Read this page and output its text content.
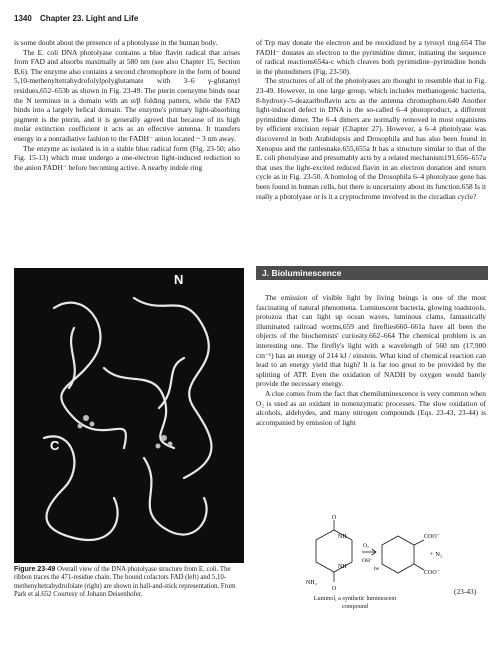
1340 Chapter 23. Light and Life

is some doubt about the presence of a photolyase in the human body.

The E. coli DNA photolyase contains a blue flavin radical that arises from FAD and absorbs maximally at 580 nm (see also Chapter 15, Section B,6). The enzyme also contains a second chromophore in the form of bound 5,10-methenyltetrahydrofolylpolyglutamate with 3–6 γ-glutamyl residues,652–653b as shown in Fig. 23-49. The pterin coenzyme binds near the N terminus in a domain with an α/β folding pattern, while the FAD binds into a largely helical domain. The enzyme's primary light-absorbing pigment is the pterin, and it is generally agreed that because of its high molar extinction coefficient it acts as an effective antenna. It transfers energy in a nonradiative fashion to the FADH⁻ anion located ~ 3 nm away.

The enzyme as isolated is in a stable blue radical form (Fig. 23-50; also Fig. 15-13) which must undergo a one-electron light-induced reduction to the anion FADH⁻ before becoming active. A nearby indole ring

of Trp may donate the electron and be reoxidized by a tyrosyl ring.654 The FADH⁻ donates an electron to the pyrimidine dimer, initiating the sequence of radical reactions654a-c which cleaves both pyrimidine–pyrimidine bonds in the photodimers (Fig. 23-50).

The structures of all of the photolyases are thought to resemble that in Fig. 23-49. However, in one large group, which includes methanogenic bacteria, 8-hydroxy-5-deazariboflavin acts as the antenna chromophore.640 Another light-induced defect in DNA is the so-called 6–4 photoproduct, a different pyrimidine dimer. The 6–4 dimers are normally removed in most organisms by efficient excision repair (Chapter 27). However, a 6–4 photolyase was discovered in both Arabidopsis and Drosophila and has also been found in Xenopus and the rattlesnake.655,655a It has a structure similar to that of the E. coli photolyase and presumably acts by a related mechanism191,656–657a that uses the light-excited reduced flavin in an electron donation and return cycle as in Fig. 23-50. A homolog of the Drosophila 6–4 photolyase gene has been found in human cells, but there is uncertainty about its function.658 Is it really a photolyase or is it a cryptochrome involved in the circadian cycle?

J. Bioluminescence

The emission of visible light by living beings is one of the most fascinating of natural phenomena. Luminescent bacteria, glowing toadstools, protozoa that can light up ocean waves, luminous clams, fantastically illuminated railroad worms,659 and fireflies660–661a have all been the objects of the biochemists' curiosity.662–664 The chemical problem is an interesting one. The firefly's light with a wavelength of 560 nm (17,900 cm⁻¹) has an energy of 214 kJ / einstein. What kind of chemical reaction can lead to an energy yield that high? It is far too great to be provided by the splitting of ATP. Even the oxidation of NADH by oxygen would barely provide the necessary energy.

A clue comes from the fact that chemiluminescence is very common when O₂ is used as an oxidant in nonenzymatic processes. The slow oxidation of alcohols, aldehydes, and many nitrogen compounds (Eqs. 23-43, 23-44) is accompanied by emission of light

N
C
Figure 23-49 Overall view of the DNA photolyase structure from E. coli. The ribbon traces the 471-residue chain. The bound cofactors FAD (left) and 5,10-methenyltetrahydrofolate (right) are shown in ball-and-stick representation. From Park et al.652 Courtesy of Johann Deisenhofer.
O
O
NH
NH
NH₂
O₂
OH⁻
hν
COO⁻
COO⁻
+ N₂
Luminol, a synthetic luminescent compound
(23-43)
